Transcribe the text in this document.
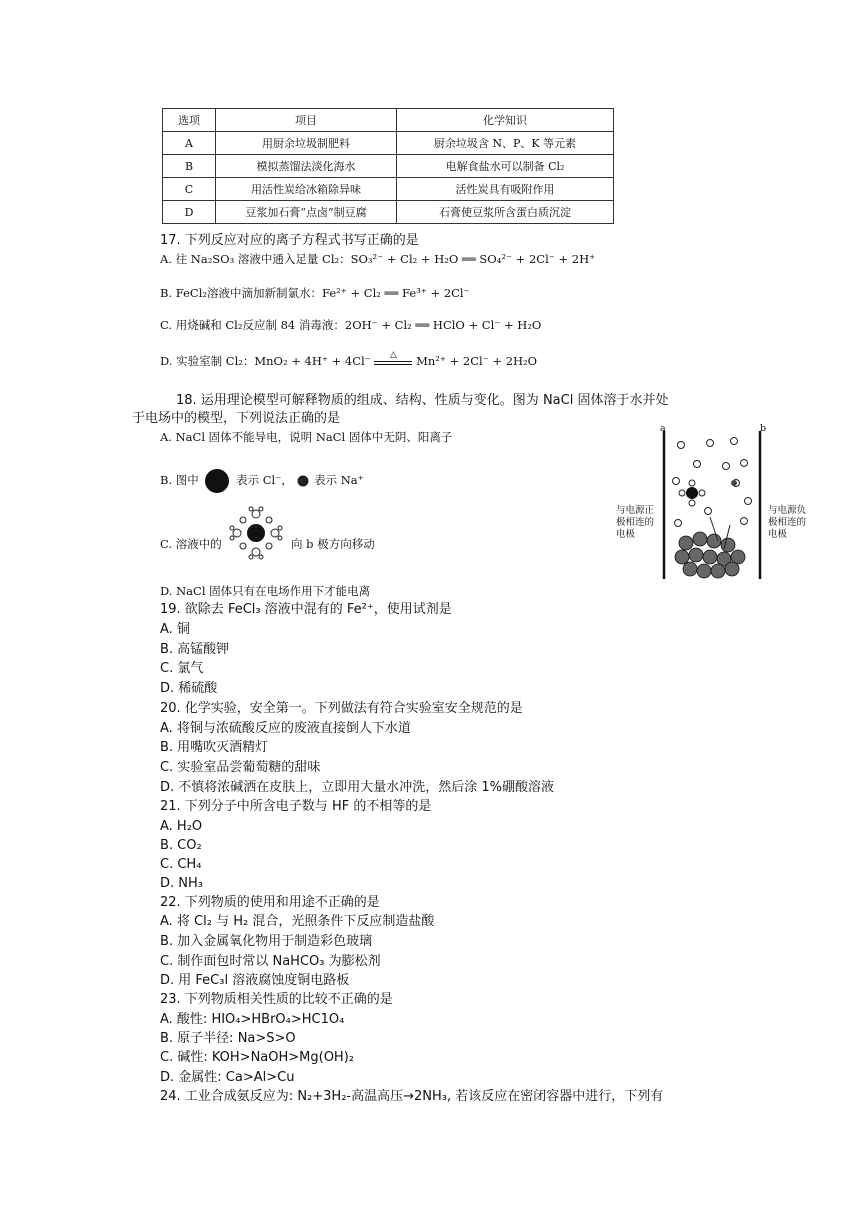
选项	项目	化学知识
A	用厨余垃圾制肥料	厨余垃圾含 N、P、K 等元素
B	模拟蒸馏法淡化海水	电解食盐水可以制备 Cl₂
C	用活性炭给冰箱除异味	活性炭具有吸附作用
D	豆浆加石膏“点卤”制豆腐	石膏使豆浆所含蛋白质沉淀
17. 下列反应对应的离子方程式书写正确的是
A. 往 Na₂SO₃ 溶液中通入足量 Cl₂：SO₃²⁻ + Cl₂ + H₂O ══ SO₄²⁻ + 2Cl⁻ + 2H⁺
B. FeCl₂溶液中滴加新制氯水：Fe²⁺ + Cl₂ ══ Fe³⁺ + 2Cl⁻
C. 用烧碱和 Cl₂反应制 84 消毒液：2OH⁻ + Cl₂ ══ HClO + Cl⁻ + H₂O
D. 实验室制 Cl₂：MnO₂ + 4H⁺ + 4Cl⁻	△	Mn²⁺ + 2Cl⁻ + 2H₂O
18. 运用理论模型可解释物质的组成、结构、性质与变化。图为 NaCl 固体溶于水并处
于电场中的模型，下列说法正确的是
A. NaCl 固体不能导电，说明 NaCl 固体中无阴、阳离子
B. 图中	表示 Cl⁻， 表示 Na⁺
C. 溶液中的	向 b 极方向移动
D. NaCl 固体只有在电场作用下才能电离
a	b
与电源正
极相连的
电极
与电源负
极相连的
电极
19. 欲除去 FeCl₃ 溶液中混有的 Fe²⁺，使用试剂是
A. 铜
B. 高锰酸钾
C. 氯气
D. 稀硫酸
20. 化学实验，安全第一。下列做法有符合实验室安全规范的是
A. 将铜与浓硫酸反应的废液直接倒人下水道
B. 用嘴吹灭酒精灯
C. 实验室品尝葡萄糖的甜味
D. 不慎将浓碱洒在皮肤上，立即用大量水冲洗，然后涂 1%硼酸溶液
21. 下列分子中所含电子数与 HF 的不相等的是
A. H₂O
B. CO₂
C. CH₄
D. NH₃
22. 下列物质的使用和用途不正确的是
A. 将 Cl₂ 与 H₂ 混合，光照条件下反应制造盐酸
B. 加入金属氧化物用于制造彩色玻璃
C. 制作面包时常以 NaHCO₃ 为膨松剂
D. 用 FeC₃l 溶液腐蚀度铜电路板
23. 下列物质相关性质的比较不正确的是
A. 酸性: HIO₄>HBrO₄>HC1O₄
B. 原子半径: Na>S>O
C. 碱性: KOH>NaOH>Mg(OH)₂
D. 金属性: Ca>Al>Cu
24. 工业合成氨反应为: N₂+3H₂-高温高压→2NH₃, 若该反应在密闭容器中进行，下列有
